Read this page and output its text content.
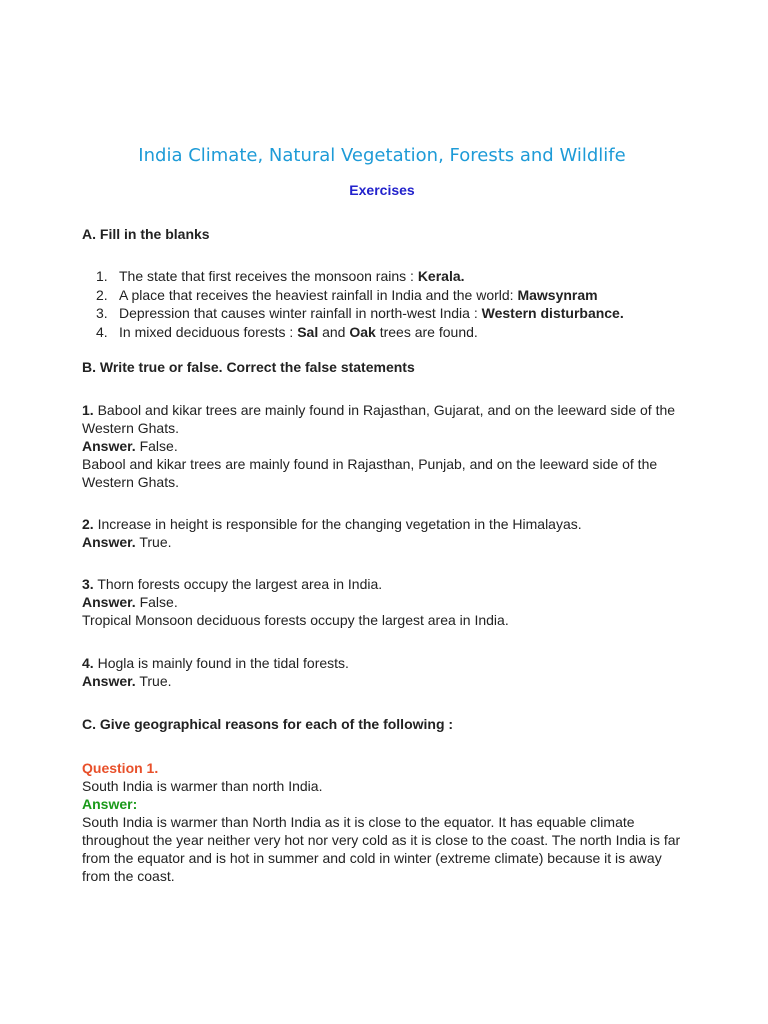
India Climate, Natural Vegetation, Forests and Wildlife
Exercises
A. Fill in the blanks
1. The state that first receives the monsoon rains : Kerala.
2. A place that receives the heaviest rainfall in India and the world: Mawsynram
3. Depression that causes winter rainfall in north-west India : Western disturbance.
4. In mixed deciduous forests : Sal and Oak trees are found.
B. Write true or false. Correct the false statements

1. Babool and kikar trees are mainly found in Rajasthan, Gujarat, and on the leeward side of the Western Ghats.

Answer. False.

Babool and kikar trees are mainly found in Rajasthan, Punjab, and on the leeward side of the Western Ghats.

2. Increase in height is responsible for the changing vegetation in the Himalayas.

Answer. True.

3. Thorn forests occupy the largest area in India.

Answer. False.

Tropical Monsoon deciduous forests occupy the largest area in India.

4. Hogla is mainly found in the tidal forests.

Answer. True.

C. Give geographical reasons for each of the following :

Question 1.

South India is warmer than north India.

Answer:

South India is warmer than North India as it is close to the equator. It has equable climate throughout the year neither very hot nor very cold as it is close to the coast. The north India is far from the equator and is hot in summer and cold in winter (extreme climate) because it is away from the coast.
